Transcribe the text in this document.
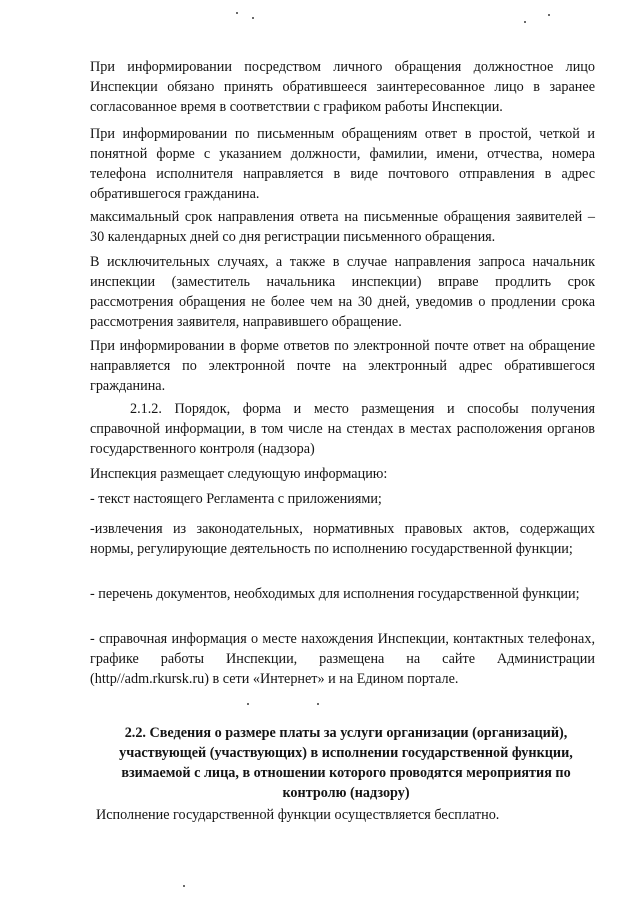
При информировании посредством личного обращения должностное лицо Инспекции обязано принять обратившееся заинтересованное лицо в заранее согласованное время в соответствии с графиком работы Инспекции.

При информировании по письменным обращениям ответ в простой, четкой и понятной форме с указанием должности, фамилии, имени, отчества, номера телефона исполнителя направляется в виде почтового отправления в адрес обратившегося гражданина.

максимальный срок направления ответа на письменные обращения заявителей – 30 календарных дней со дня регистрации письменного обращения.

В исключительных случаях, а также в случае направления запроса начальник инспекции (заместитель начальника инспекции) вправе продлить срок рассмотрения обращения не более чем на 30 дней, уведомив о продлении срока рассмотрения заявителя, направившего обращение.

При информировании в форме ответов по электронной почте ответ на обращение направляется по электронной почте на электронный адрес обратившегося гражданина.

2.1.2. Порядок, форма и место размещения и способы получения справочной информации, в том числе на стендах в местах расположения органов государственного контроля (надзора)

Инспекция размещает следующую информацию:

- текст настоящего Регламента с приложениями;

-извлечения из законодательных, нормативных правовых актов, содержащих нормы, регулирующие деятельность по исполнению государственной функции;

- перечень документов, необходимых для исполнения государственной функции;

- справочная информация о месте нахождения Инспекции, контактных телефонах, графике работы Инспекции, размещена на сайте Администрации (http//adm.rkursk.ru) в сети «Интернет» и на Едином портале.

2.2. Сведения о размере платы за услуги организации (организаций), участвующей (участвующих) в исполнении государственной функции, взимаемой с лица, в отношении которого проводятся мероприятия по контролю (надзору)

Исполнение государственной функции осуществляется бесплатно.
